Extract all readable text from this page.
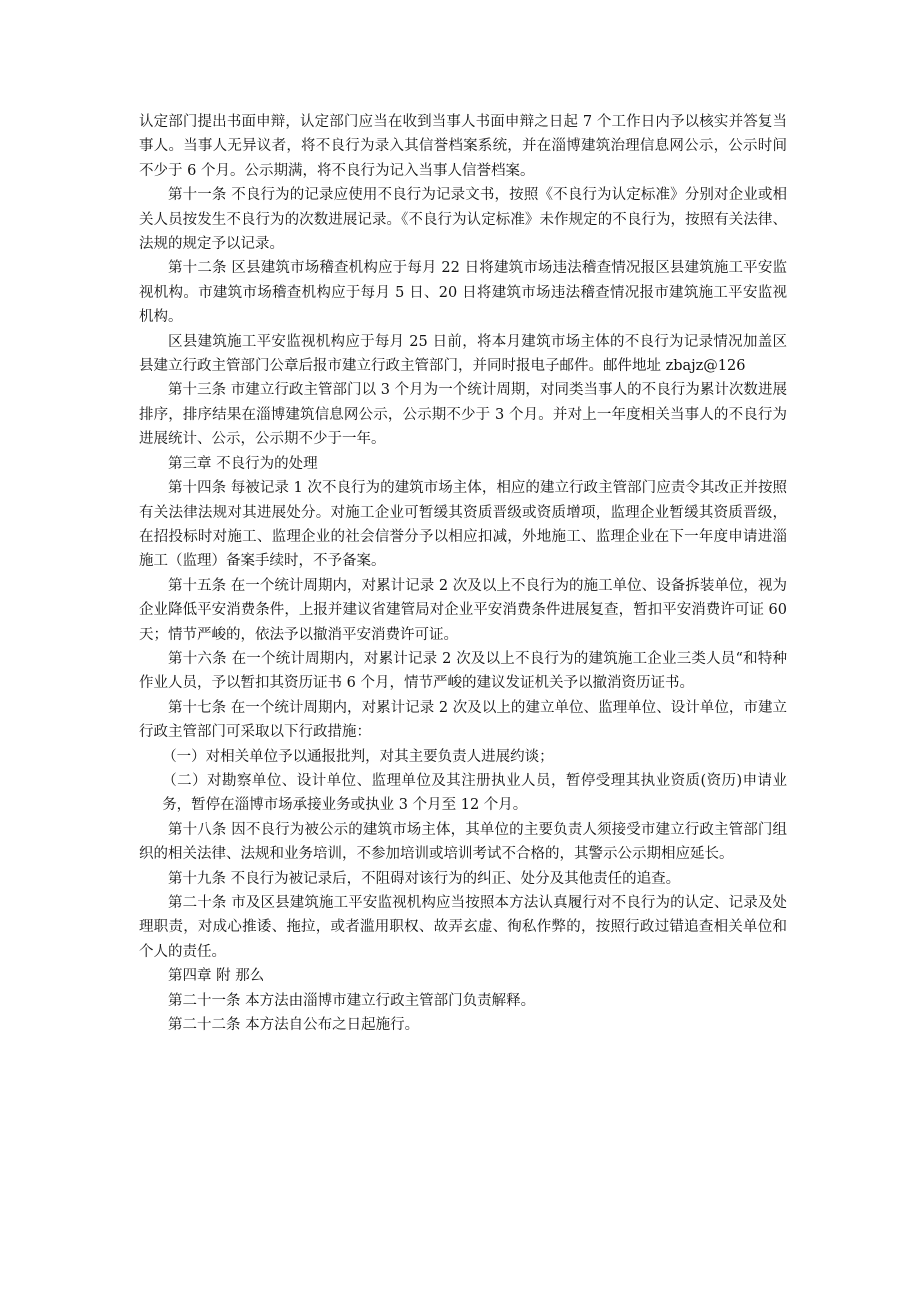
认定部门提出书面申辩，认定部门应当在收到当事人书面申辩之日起 7 个工作日内予以核实并答复当事人。当事人无异议者，将不良行为录入其信誉档案系统，并在淄博建筑治理信息网公示，公示时间不少于 6 个月。公示期满，将不良行为记入当事人信誉档案。

第十一条 不良行为的记录应使用不良行为记录文书，按照《不良行为认定标准》分别对企业或相关人员按发生不良行为的次数进展记录。《不良行为认定标准》未作规定的不良行为，按照有关法律、法规的规定予以记录。

第十二条 区县建筑市场稽查机构应于每月 22 日将建筑市场违法稽查情况报区县建筑施工平安监视机构。市建筑市场稽查机构应于每月 5 日、20 日将建筑市场违法稽查情况报市建筑施工平安监视机构。

区县建筑施工平安监视机构应于每月 25 日前，将本月建筑市场主体的不良行为记录情况加盖区县建立行政主管部门公章后报市建立行政主管部门，并同时报电子邮件。邮件地址 zbajz@126

第十三条 市建立行政主管部门以 3 个月为一个统计周期，对同类当事人的不良行为累计次数进展排序，排序结果在淄博建筑信息网公示，公示期不少于 3 个月。并对上一年度相关当事人的不良行为进展统计、公示，公示期不少于一年。

第三章 不良行为的处理

第十四条 每被记录 1 次不良行为的建筑市场主体，相应的建立行政主管部门应责令其改正并按照有关法律法规对其进展处分。对施工企业可暂缓其资质晋级或资质增项，监理企业暂缓其资质晋级，在招投标时对施工、监理企业的社会信誉分予以相应扣减，外地施工、监理企业在下一年度申请进淄施工（监理）备案手续时，不予备案。

第十五条 在一个统计周期内，对累计记录 2 次及以上不良行为的施工单位、设备拆装单位，视为企业降低平安消费条件，上报并建议省建管局对企业平安消费条件进展复查，暂扣平安消费许可证 60 天；情节严峻的，依法予以撤消平安消费许可证。

第十六条 在一个统计周期内，对累计记录 2 次及以上不良行为的建筑施工企业三类人员“和特种作业人员，予以暂扣其资历证书 6 个月，情节严峻的建议发证机关予以撤消资历证书。

第十七条 在一个统计周期内，对累计记录 2 次及以上的建立单位、监理单位、设计单位，市建立行政主管部门可采取以下行政措施：

（一）对相关单位予以通报批判，对其主要负责人进展约谈；

（二）对勘察单位、设计单位、监理单位及其注册执业人员，暂停受理其执业资质(资历)申请业务，暂停在淄博市场承接业务或执业 3 个月至 12 个月。

第十八条 因不良行为被公示的建筑市场主体，其单位的主要负责人须接受市建立行政主管部门组织的相关法律、法规和业务培训，不参加培训或培训考试不合格的，其警示公示期相应延长。

第十九条 不良行为被记录后，不阻碍对该行为的纠正、处分及其他责任的追查。

第二十条 市及区县建筑施工平安监视机构应当按照本方法认真履行对不良行为的认定、记录及处理职责，对成心推诿、拖拉，或者滥用职权、故弄玄虚、徇私作弊的，按照行政过错追查相关单位和个人的责任。

第四章 附 那么

第二十一条 本方法由淄博市建立行政主管部门负责解释。

第二十二条 本方法自公布之日起施行。
